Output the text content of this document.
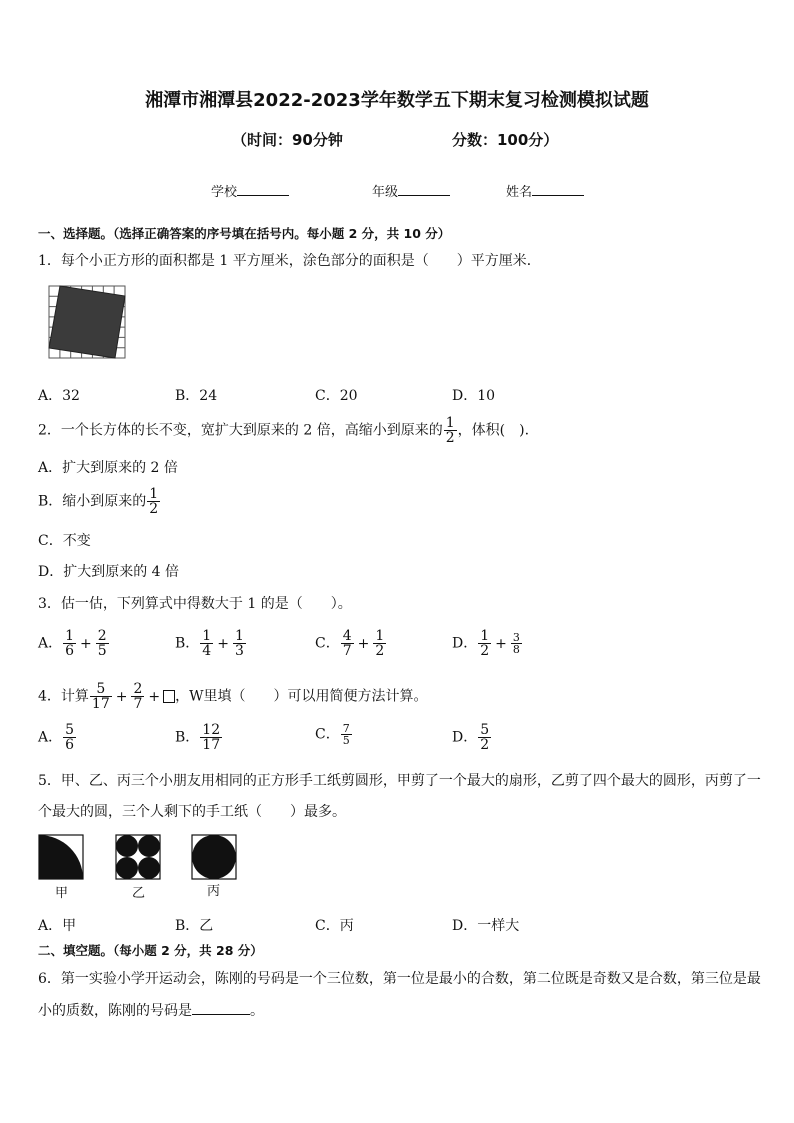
湘潭市湘潭县2022-2023学年数学五下期末复习检测模拟试题
（时间：90分钟	分数：100分）
学校	年级	姓名
一、选择题。（选择正确答案的序号填在括号内。每小题 2 分，共 10 分）
1．每个小正方形的面积都是 1 平方厘米，涂色部分的面积是（　　）平方厘米．
A．32	B．24	C．20	D．10
2．一个长方体的长不变，宽扩大到原来的 2 倍，高缩小到原来的 $\frac{1}{2}$ ，体积(　).
A．扩大到原来的 2 倍
B．缩小到原来的 $\frac{1}{2}$
C．不变
D．扩大到原来的 4 倍
3．估一估，下列算式中得数大于 1 的是（　　）。
A． $\frac{1}{6} + \frac{2}{5}$	B． $\frac{1}{4} + \frac{1}{3}$	C． $\frac{4}{7} + \frac{1}{2}$	D． $\frac{1}{2} + \frac{3}{8}$
4．计算 $\frac{5}{17} + \frac{2}{7}$ + ，W里填（　　）可以用简便方法计算。
A． $\frac{5}{6}$	B． $\frac{12}{17}$	C． $\frac{7}{5}$	D． $\frac{5}{2}$
5．甲、乙、丙三个小朋友用相同的正方形手工纸剪圆形，甲剪了一个最大的扇形，乙剪了四个最大的圆形，丙剪了一
个最大的圆，三个人剩下的手工纸（　　）最多。
甲	乙	丙
A．甲	B．乙	C．丙	D．一样大
二、填空题。（每小题 2 分，共 28 分）
6．第一实验小学开运动会，陈刚的号码是一个三位数，第一位是最小的合数，第二位既是奇数又是合数，第三位是最
小的质数，陈刚的号码是	。
